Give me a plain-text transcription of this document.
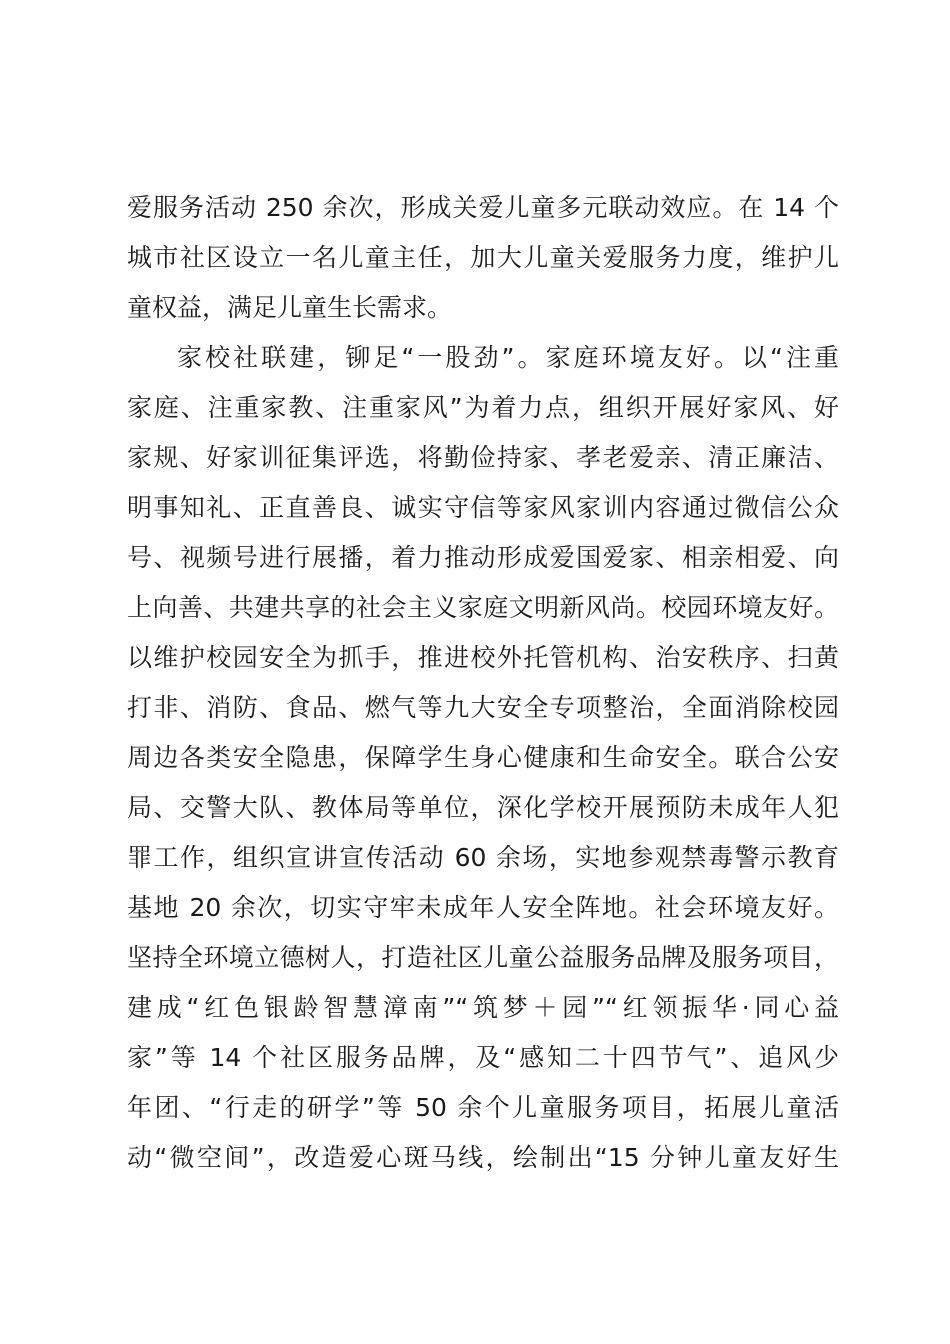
爱服务活动 250 余次，形成关爱儿童多元联动效应。在 14 个
城市社区设立一名儿童主任，加大儿童关爱服务力度，维护儿
童权益，满足儿童生长需求。
家校社联建，铆足“一股劲”。家庭环境友好。以“注重
家庭、注重家教、注重家风”为着力点，组织开展好家风、好
家规、好家训征集评选，将勤俭持家、孝老爱亲、清正廉洁、
明事知礼、正直善良、诚实守信等家风家训内容通过微信公众
号、视频号进行展播，着力推动形成爱国爱家、相亲相爱、向
上向善、共建共享的社会主义家庭文明新风尚。校园环境友好。
以维护校园安全为抓手，推进校外托管机构、治安秩序、扫黄
打非、消防、食品、燃气等九大安全专项整治，全面消除校园
周边各类安全隐患，保障学生身心健康和生命安全。联合公安
局、交警大队、教体局等单位，深化学校开展预防未成年人犯
罪工作，组织宣讲宣传活动 60 余场，实地参观禁毒警示教育
基地 20 余次，切实守牢未成年人安全阵地。社会环境友好。
坚持全环境立德树人，打造社区儿童公益服务品牌及服务项目，
建成“红色银龄智慧漳南”“筑梦＋园”“红领振华·同心益
家”等 14 个社区服务品牌，及“感知二十四节气”、追风少
年团、“行走的研学”等 50 余个儿童服务项目，拓展儿童活
动“微空间”，改造爱心斑马线，绘制出“15 分钟儿童友好生
